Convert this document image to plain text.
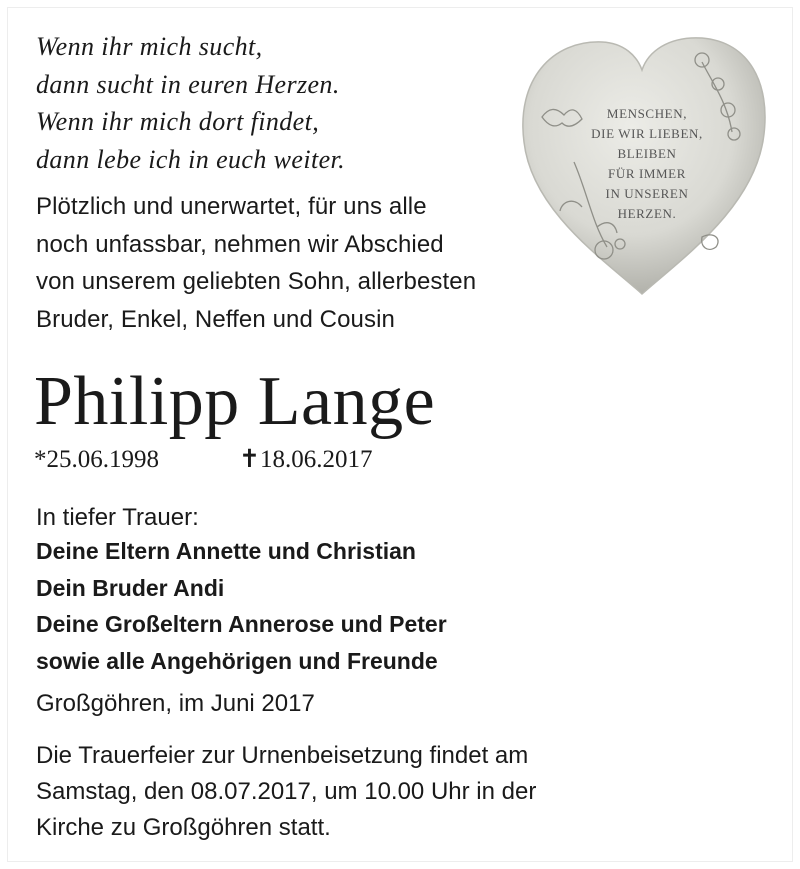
Wenn ihr mich sucht,
dann sucht in euren Herzen.
Wenn ihr mich dort findet,
dann lebe ich in euch weiter.
Plötzlich und unerwartet, für uns alle
noch unfassbar, nehmen wir Abschied
von unserem geliebten Sohn, allerbesten
Bruder, Enkel, Neffen und Cousin
MENSCHEN,
DIE WIR LIEBEN,
BLEIBEN
FÜR IMMER
IN UNSEREN
HERZEN.
Philipp Lange
*25.06.1998	✝18.06.2017
In tiefer Trauer:
Deine Eltern Annette und Christian
Dein Bruder Andi
Deine Großeltern Annerose und Peter
sowie alle Angehörigen und Freunde
Großgöhren, im Juni 2017
Die Trauerfeier zur Urnenbeisetzung findet am
Samstag, den 08.07.2017, um 10.00 Uhr in der
Kirche zu Großgöhren statt.
